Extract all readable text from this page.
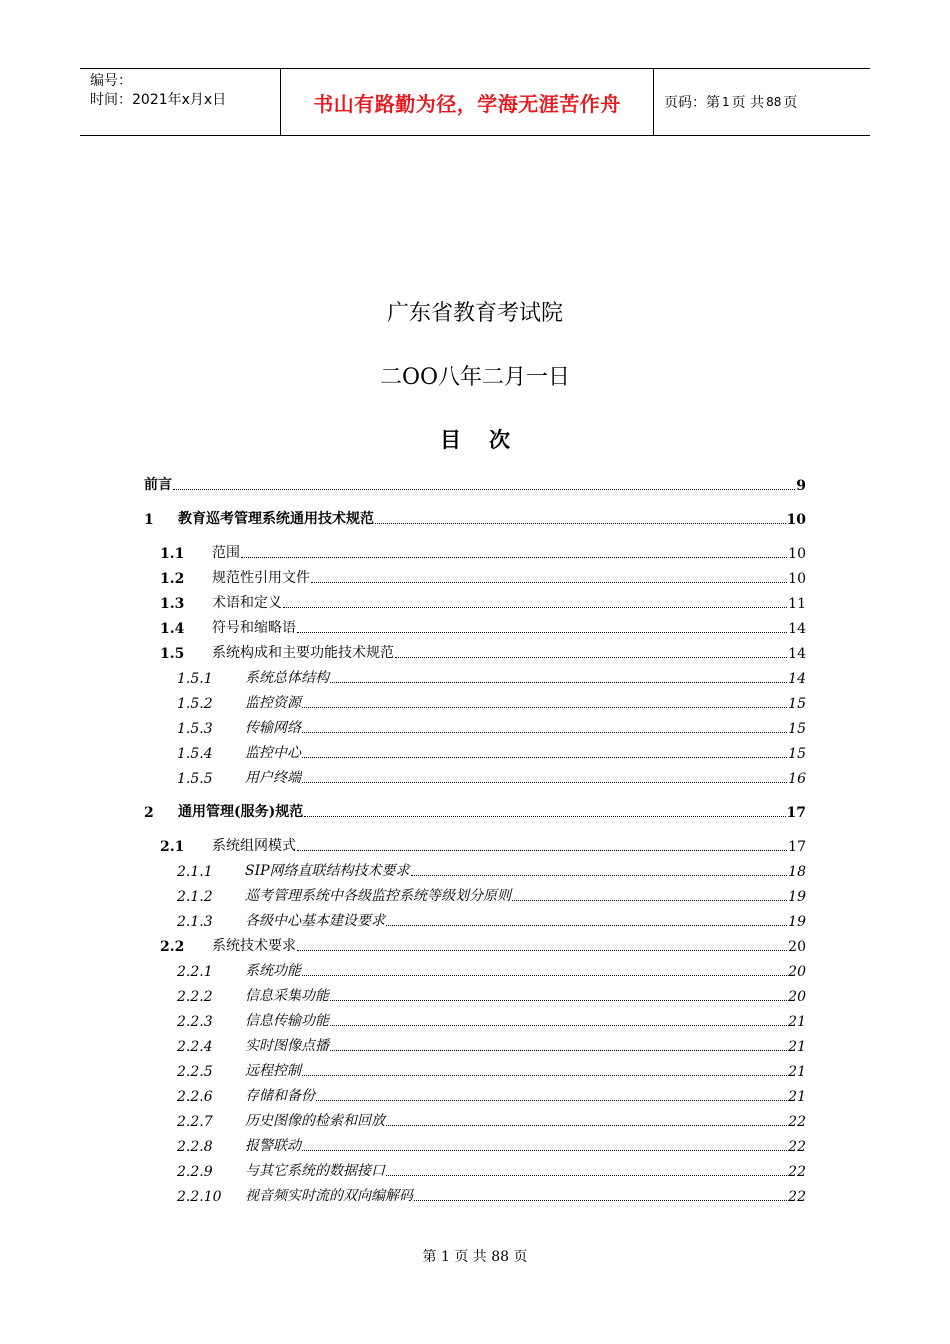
编号：
时间：2021年x月x日	书山有路勤为径，学海无涯苦作舟	页码：第 1 页 共 88 页
广东省教育考试院
二OO八年二月一日
目 次
前言	9
1	教育巡考管理系统通用技术规范	10
1.1	范围	10
1.2	规范性引用文件	10
1.3	术语和定义	11
1.4	符号和缩略语	14
1.5	系统构成和主要功能技术规范	14
1.5.1	系统总体结构	14
1.5.2	监控资源	15
1.5.3	传输网络	15
1.5.4	监控中心	15
1.5.5	用户终端	16
2	通用管理(服务)规范	17
2.1	系统组网模式	17
2.1.1	SIP网络直联结构技术要求	18
2.1.2	巡考管理系统中各级监控系统等级划分原则	19
2.1.3	各级中心基本建设要求	19
2.2	系统技术要求	20
2.2.1	系统功能	20
2.2.2	信息采集功能	20
2.2.3	信息传输功能	21
2.2.4	实时图像点播	21
2.2.5	远程控制	21
2.2.6	存储和备份	21
2.2.7	历史图像的检索和回放	22
2.2.8	报警联动	22
2.2.9	与其它系统的数据接口	22
2.2.10	视音频实时流的双向编解码	22
第 1 页 共 88 页
